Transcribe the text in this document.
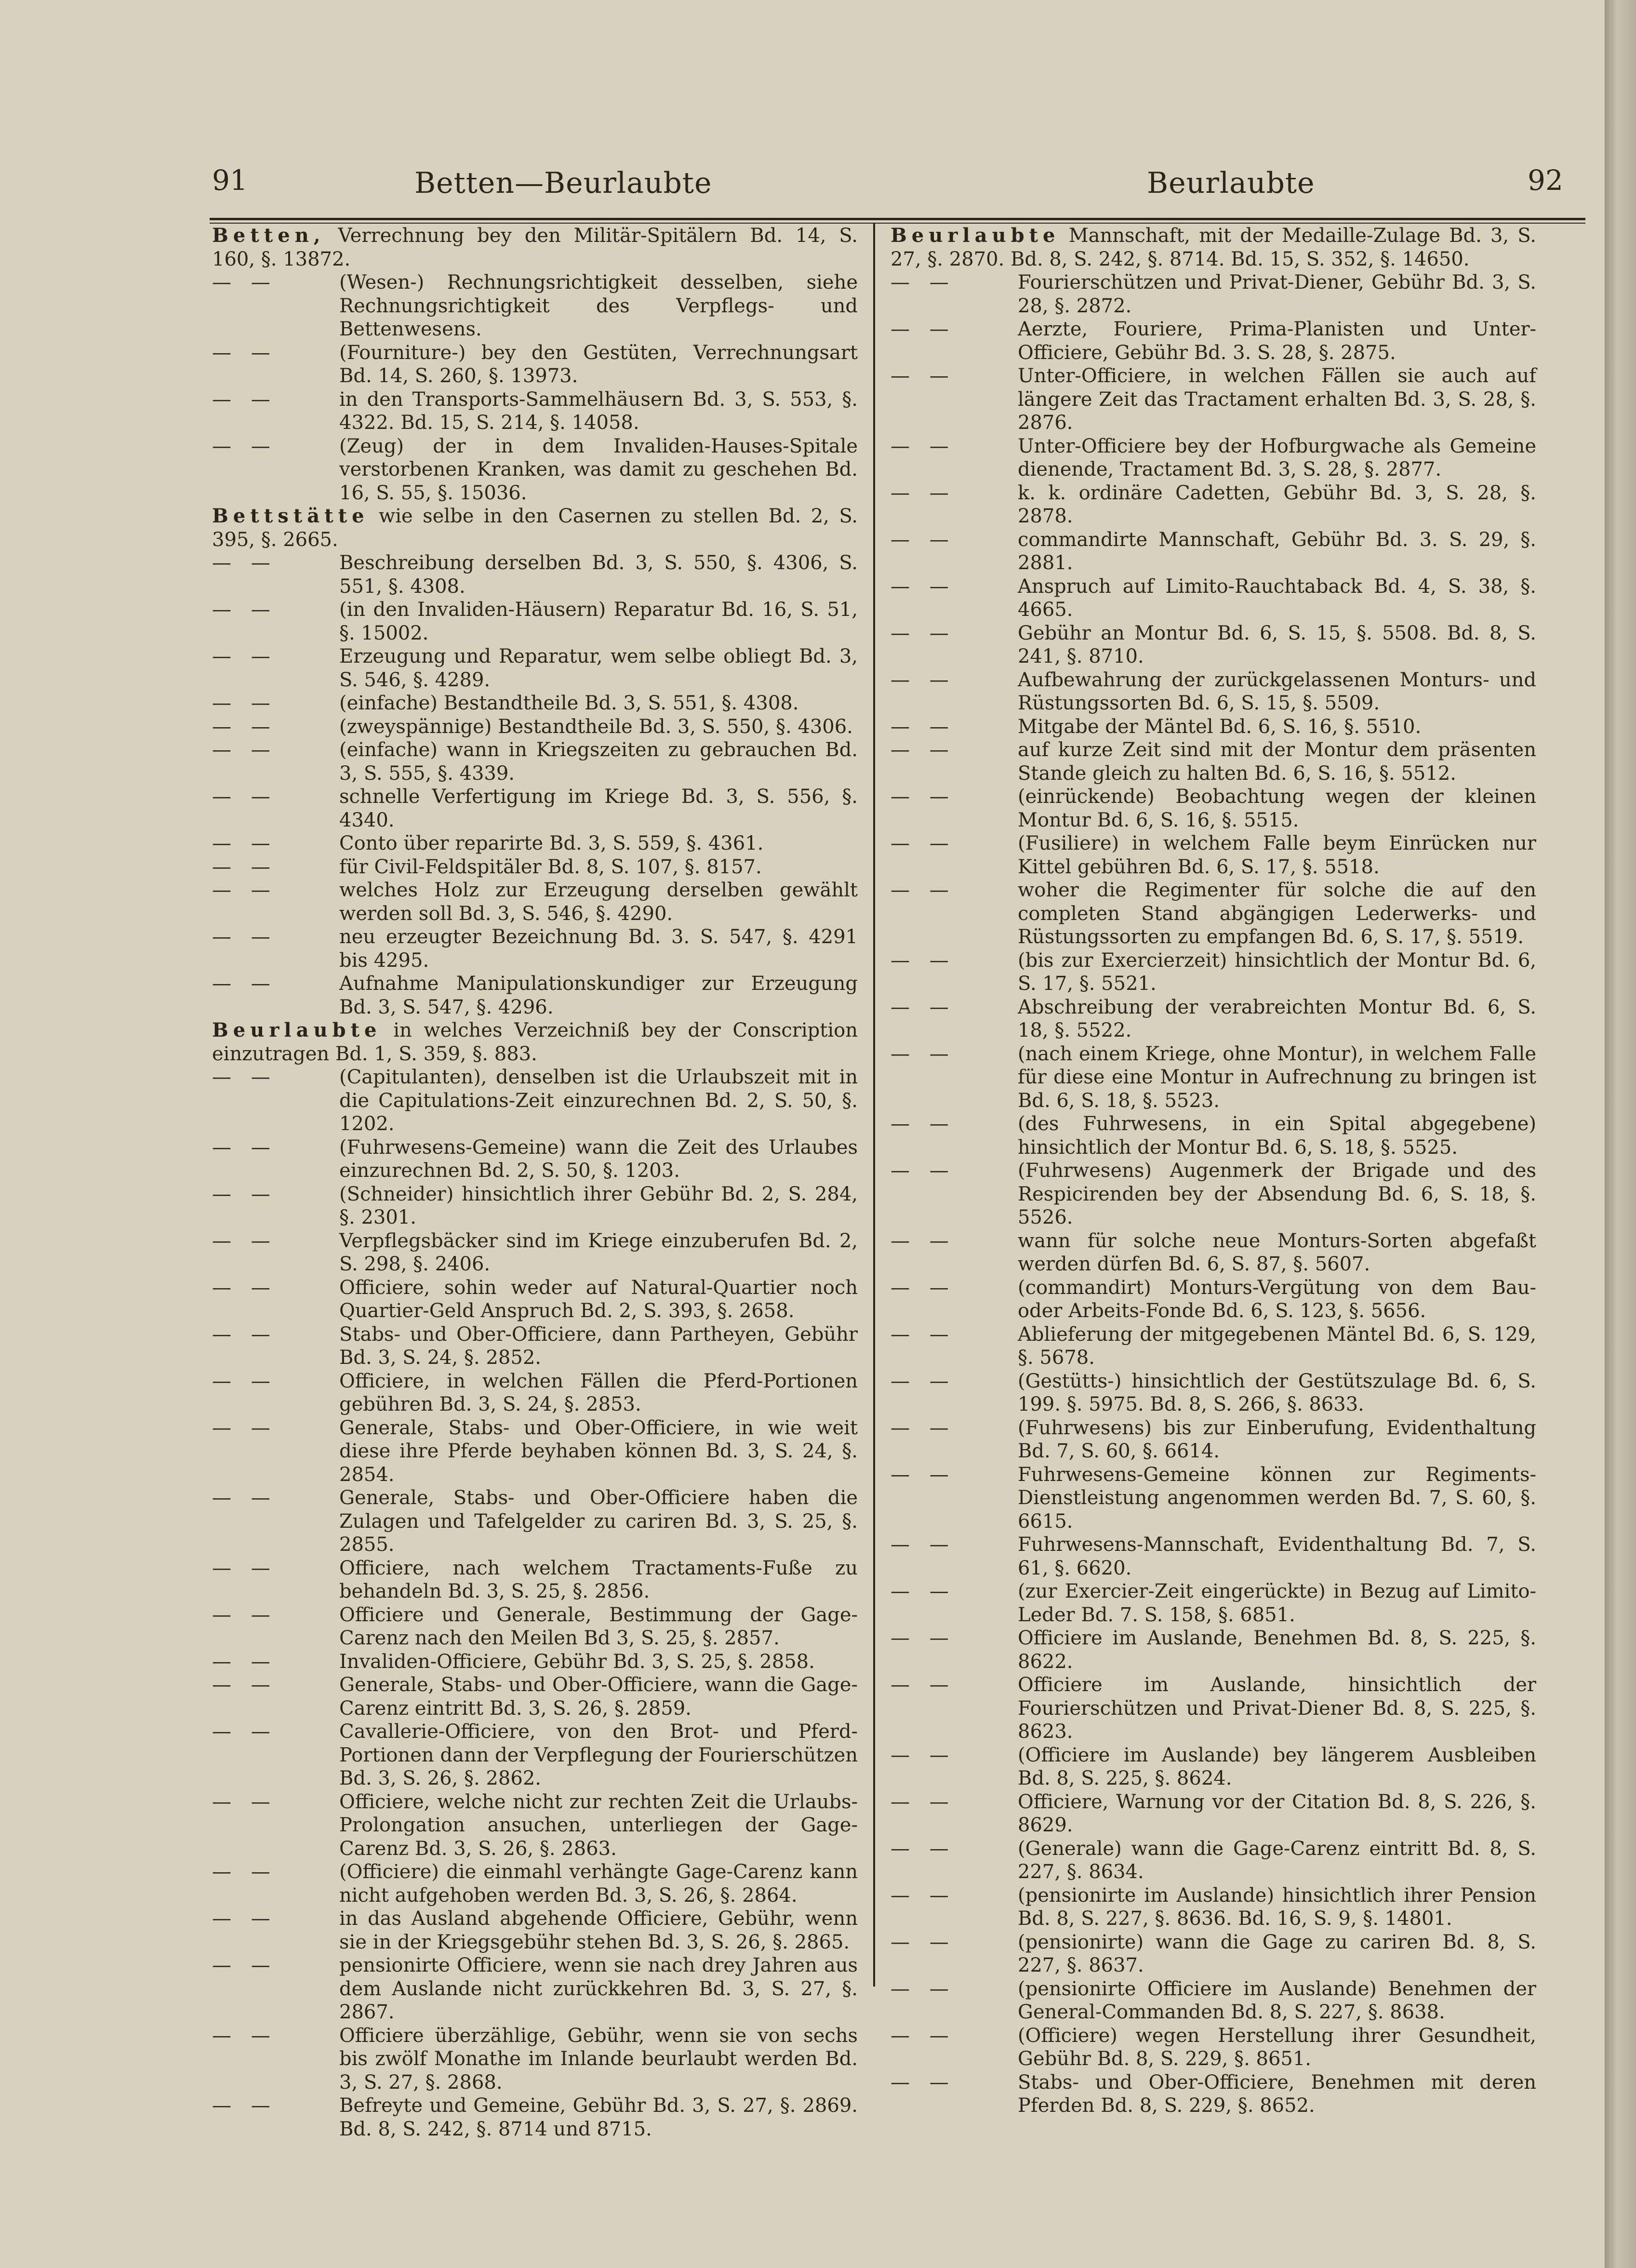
91	Betten—Beurlaubte	Beurlaubte	92
Betten, Verrechnung bey den Militär-Spitälern Bd. 14, S. 160, §. 13872.
— —	(Wesen-) Rechnungsrichtigkeit desselben, siehe Rechnungsrichtigkeit des Verpflegs- und Bettenwesens.
— —	(Fourniture-) bey den Gestüten, Verrechnungsart Bd. 14, S. 260, §. 13973.
— —	in den Transports-Sammelhäusern Bd. 3, S. 553, §. 4322. Bd. 15, S. 214, §. 14058.
— —	(Zeug) der in dem Invaliden-Hauses-Spitale verstorbenen Kranken, was damit zu geschehen Bd. 16, S. 55, §. 15036.
Bettstätte wie selbe in den Casernen zu stellen Bd. 2, S. 395, §. 2665.
— —	Beschreibung derselben Bd. 3, S. 550, §. 4306, S. 551, §. 4308.
— —	(in den Invaliden-Häusern) Reparatur Bd. 16, S. 51, §. 15002.
— —	Erzeugung und Reparatur, wem selbe obliegt Bd. 3, S. 546, §. 4289.
— —	(einfache) Bestandtheile Bd. 3, S. 551, §. 4308.
— —	(zweyspännige) Bestandtheile Bd. 3, S. 550, §. 4306.
— —	(einfache) wann in Kriegszeiten zu gebrauchen Bd. 3, S. 555, §. 4339.
— —	schnelle Verfertigung im Kriege Bd. 3, S. 556, §. 4340.
— —	Conto über reparirte Bd. 3, S. 559, §. 4361.
— —	für Civil-Feldspitäler Bd. 8, S. 107, §. 8157.
— —	welches Holz zur Erzeugung derselben gewählt werden soll Bd. 3, S. 546, §. 4290.
— —	neu erzeugter Bezeichnung Bd. 3. S. 547, §. 4291 bis 4295.
— —	Aufnahme Manipulationskundiger zur Erzeugung Bd. 3, S. 547, §. 4296.
Beurlaubte in welches Verzeichniß bey der Conscription einzutragen Bd. 1, S. 359, §. 883.
— —	(Capitulanten), denselben ist die Urlaubszeit mit in die Capitulations-Zeit einzurechnen Bd. 2, S. 50, §. 1202.
— —	(Fuhrwesens-Gemeine) wann die Zeit des Urlaubes einzurechnen Bd. 2, S. 50, §. 1203.
— —	(Schneider) hinsichtlich ihrer Gebühr Bd. 2, S. 284, §. 2301.
— —	Verpflegsbäcker sind im Kriege einzuberufen Bd. 2, S. 298, §. 2406.
— —	Officiere, sohin weder auf Natural-Quartier noch Quartier-Geld Anspruch Bd. 2, S. 393, §. 2658.
— —	Stabs- und Ober-Officiere, dann Partheyen, Gebühr Bd. 3, S. 24, §. 2852.
— —	Officiere, in welchen Fällen die Pferd-Portionen gebühren Bd. 3, S. 24, §. 2853.
— —	Generale, Stabs- und Ober-Officiere, in wie weit diese ihre Pferde beyhaben können Bd. 3, S. 24, §. 2854.
— —	Generale, Stabs- und Ober-Officiere haben die Zulagen und Tafelgelder zu cariren Bd. 3, S. 25, §. 2855.
— —	Officiere, nach welchem Tractaments-Fuße zu behandeln Bd. 3, S. 25, §. 2856.
— —	Officiere und Generale, Bestimmung der Gage-Carenz nach den Meilen Bd 3, S. 25, §. 2857.
— —	Invaliden-Officiere, Gebühr Bd. 3, S. 25, §. 2858.
— —	Generale, Stabs- und Ober-Officiere, wann die Gage-Carenz eintritt Bd. 3, S. 26, §. 2859.
— —	Cavallerie-Officiere, von den Brot- und Pferd-Portionen dann der Verpflegung der Fourierschützen Bd. 3, S. 26, §. 2862.
— —	Officiere, welche nicht zur rechten Zeit die Urlaubs-Prolongation ansuchen, unterliegen der Gage-Carenz Bd. 3, S. 26, §. 2863.
— —	(Officiere) die einmahl verhängte Gage-Carenz kann nicht aufgehoben werden Bd. 3, S. 26, §. 2864.
— —	in das Ausland abgehende Officiere, Gebühr, wenn sie in der Kriegsgebühr stehen Bd. 3, S. 26, §. 2865.
— —	pensionirte Officiere, wenn sie nach drey Jahren aus dem Auslande nicht zurückkehren Bd. 3, S. 27, §. 2867.
— —	Officiere überzählige, Gebühr, wenn sie von sechs bis zwölf Monathe im Inlande beurlaubt werden Bd. 3, S. 27, §. 2868.
— —	Befreyte und Gemeine, Gebühr Bd. 3, S. 27, §. 2869. Bd. 8, S. 242, §. 8714 und 8715.
Beurlaubte Mannschaft, mit der Medaille-Zulage Bd. 3, S. 27, §. 2870. Bd. 8, S. 242, §. 8714. Bd. 15, S. 352, §. 14650.
— —	Fourierschützen und Privat-Diener, Gebühr Bd. 3, S. 28, §. 2872.
— —	Aerzte, Fouriere, Prima-Planisten und Unter-Officiere, Gebühr Bd. 3. S. 28, §. 2875.
— —	Unter-Officiere, in welchen Fällen sie auch auf längere Zeit das Tractament erhalten Bd. 3, S. 28, §. 2876.
— —	Unter-Officiere bey der Hofburgwache als Gemeine dienende, Tractament Bd. 3, S. 28, §. 2877.
— —	k. k. ordinäre Cadetten, Gebühr Bd. 3, S. 28, §. 2878.
— —	commandirte Mannschaft, Gebühr Bd. 3. S. 29, §. 2881.
— —	Anspruch auf Limito-Rauchtaback Bd. 4, S. 38, §. 4665.
— —	Gebühr an Montur Bd. 6, S. 15, §. 5508. Bd. 8, S. 241, §. 8710.
— —	Aufbewahrung der zurückgelassenen Monturs- und Rüstungssorten Bd. 6, S. 15, §. 5509.
— —	Mitgabe der Mäntel Bd. 6, S. 16, §. 5510.
— —	auf kurze Zeit sind mit der Montur dem präsenten Stande gleich zu halten Bd. 6, S. 16, §. 5512.
— —	(einrückende) Beobachtung wegen der kleinen Montur Bd. 6, S. 16, §. 5515.
— —	(Fusiliere) in welchem Falle beym Einrücken nur Kittel gebühren Bd. 6, S. 17, §. 5518.
— —	woher die Regimenter für solche die auf den completen Stand abgängigen Lederwerks- und Rüstungssorten zu empfangen Bd. 6, S. 17, §. 5519.
— —	(bis zur Exercierzeit) hinsichtlich der Montur Bd. 6, S. 17, §. 5521.
— —	Abschreibung der verabreichten Montur Bd. 6, S. 18, §. 5522.
— —	(nach einem Kriege, ohne Montur), in welchem Falle für diese eine Montur in Aufrechnung zu bringen ist Bd. 6, S. 18, §. 5523.
— —	(des Fuhrwesens, in ein Spital abgegebene) hinsichtlich der Montur Bd. 6, S. 18, §. 5525.
— —	(Fuhrwesens) Augenmerk der Brigade und des Respicirenden bey der Absendung Bd. 6, S. 18, §. 5526.
— —	wann für solche neue Monturs-Sorten abgefaßt werden dürfen Bd. 6, S. 87, §. 5607.
— —	(commandirt) Monturs-Vergütung von dem Bau- oder Arbeits-Fonde Bd. 6, S. 123, §. 5656.
— —	Ablieferung der mitgegebenen Mäntel Bd. 6, S. 129, §. 5678.
— —	(Gestütts-) hinsichtlich der Gestütszulage Bd. 6, S. 199. §. 5975. Bd. 8, S. 266, §. 8633.
— —	(Fuhrwesens) bis zur Einberufung, Evidenthaltung Bd. 7, S. 60, §. 6614.
— —	Fuhrwesens-Gemeine können zur Regiments-Dienstleistung angenommen werden Bd. 7, S. 60, §. 6615.
— —	Fuhrwesens-Mannschaft, Evidenthaltung Bd. 7, S. 61, §. 6620.
— —	(zur Exercier-Zeit eingerückte) in Bezug auf Limito-Leder Bd. 7. S. 158, §. 6851.
— —	Officiere im Auslande, Benehmen Bd. 8, S. 225, §. 8622.
— —	Officiere im Auslande, hinsichtlich der Fourierschützen und Privat-Diener Bd. 8, S. 225, §. 8623.
— —	(Officiere im Auslande) bey längerem Ausbleiben Bd. 8, S. 225, §. 8624.
— —	Officiere, Warnung vor der Citation Bd. 8, S. 226, §. 8629.
— —	(Generale) wann die Gage-Carenz eintritt Bd. 8, S. 227, §. 8634.
— —	(pensionirte im Auslande) hinsichtlich ihrer Pension Bd. 8, S. 227, §. 8636. Bd. 16, S. 9, §. 14801.
— —	(pensionirte) wann die Gage zu cariren Bd. 8, S. 227, §. 8637.
— —	(pensionirte Officiere im Auslande) Benehmen der General-Commanden Bd. 8, S. 227, §. 8638.
— —	(Officiere) wegen Herstellung ihrer Gesundheit, Gebühr Bd. 8, S. 229, §. 8651.
— —	Stabs- und Ober-Officiere, Benehmen mit deren Pferden Bd. 8, S. 229, §. 8652.
